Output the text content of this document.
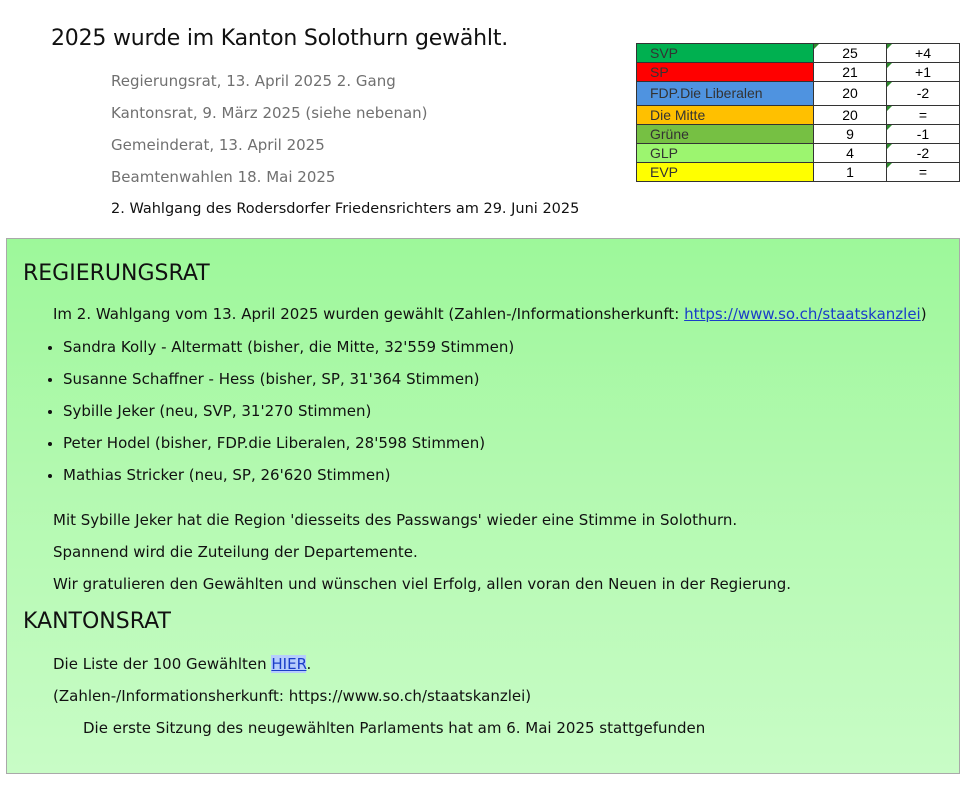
2025 wurde im Kanton Solothurn gewählt.
Regierungsrat, 13. April 2025 2. Gang
Kantonsrat, 9. März 2025 (siehe nebenan)
Gemeinderat, 13. April 2025
Beamtenwahlen 18. Mai 2025
2. Wahlgang des Rodersdorfer Friedensrichters am 29. Juni 2025
SVP	25	+4
SP	21	+1
FDP.Die Liberalen	20	-2
Die Mitte	20	=
Grüne	9	-1
GLP	4	-2
EVP	1	=
REGIERUNGSRAT
Im 2. Wahlgang vom 13. April 2025 wurden gewählt (Zahlen-/Informationsherkunft: https://www.so.ch/staatskanzlei)
Sandra Kolly - Altermatt (bisher, die Mitte, 32'559 Stimmen)
Susanne Schaffner - Hess (bisher, SP, 31'364 Stimmen)
Sybille Jeker (neu, SVP, 31'270 Stimmen)
Peter Hodel (bisher, FDP.die Liberalen, 28'598 Stimmen)
Mathias Stricker (neu, SP, 26'620 Stimmen)
Mit Sybille Jeker hat die Region 'diesseits des Passwangs' wieder eine Stimme in Solothurn.
Spannend wird die Zuteilung der Departemente.
Wir gratulieren den Gewählten und wünschen viel Erfolg, allen voran den Neuen in der Regierung.
KANTONSRAT
Die Liste der 100 Gewählten HIER.
(Zahlen-/Informationsherkunft: https://www.so.ch/staatskanzlei)
Die erste Sitzung des neugewählten Parlaments hat am 6. Mai 2025 stattgefunden
